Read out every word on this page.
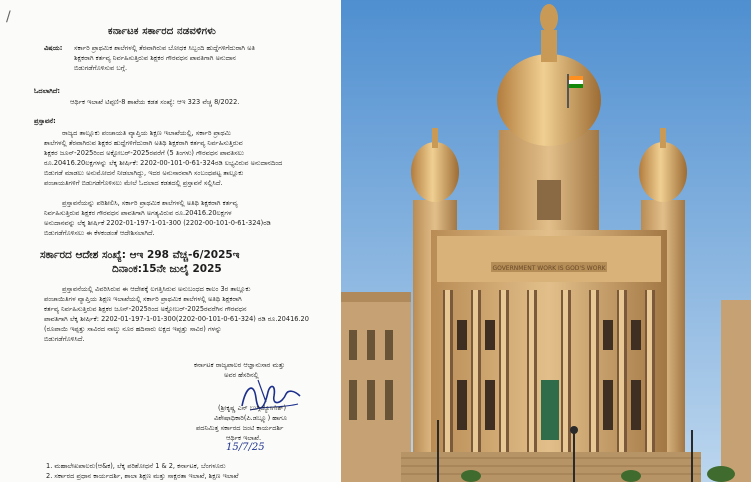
/
ಕರ್ನಾಟಕ ಸರ್ಕಾರದ ನಡವಳಿಗಳು
ವಿಷಯ: ಸರ್ಕಾರಿ ಪ್ರಾಥಮಿಕ ಶಾಲೆಗಳಲ್ಲಿ ತೆರವಾಗಿರುವ ಬೋಧಕ ಸಿಬ್ಬಂದಿ ಹುದ್ದೆಗಳಿಗೆದುರಾಗಿ ಅತಿ
ಶಿಕ್ಷಕರಾಗಿ ಕರ್ತವ್ಯ ನಿರ್ವಹಿಸುತ್ತಿರುವ ಶಿಕ್ಷಕರ ಗೌರವಧನ ಪಾವತಿಗಾಗಿ ಅನುದಾನ
ಬಿಡುಗಡೆಗೊಳಿಸುವ ಬಗ್ಗೆ.
ಓದಲಾಗಿದೆ:
ಆರ್ಥಿಕ ಇಲಾಖೆ ಟಿಪ್ಪಣಿ-8 ಶಾಖೆಯ ಕಡತ ಸಂಖ್ಯೆ: ಆಇ 323 ವೆಚ್ಚ 8/2022.
ಪ್ರಸ್ತಾವನೆ:
ರಾಜ್ಯದ ತಾಲ್ಲೂಕು ಪಂಚಾಯತಿ ವ್ಯಾಪ್ತಿಯ ಶಿಕ್ಷಣ ಇಲಾಖೆಯಲ್ಲಿ, ಸರ್ಕಾರಿ ಪ್ರಾಥಮಿ
ಶಾಲೆಗಳಲ್ಲಿ ತೆರವಾಗಿರುವ ಶಿಕ್ಷಕರ ಹುದ್ದೆಗಳಿಗೆದುರಾಗಿ ಅತಿಥಿ ಶಿಕ್ಷಕರಾಗಿ ಕರ್ತವ್ಯ ನಿರ್ವಹಿಸುತ್ತಿರುವ
ಶಿಕ್ಷಕರ ಜೂನ್-2025ರಿಂದ ಅಕ್ಟೋಬರ್-2025ರವರೆಗೆ (5 ತಿಂಗಳು) ಗೌರವಧನ ಪಾವತಿಸಲು
ರೂ.20416.20ಲಕ್ಷಗಳನ್ನು ಲೆಕ್ಕ ಶೀರ್ಷಿಕೆ: 2202-00-101-0-61-324ರಡಿ ಲಭ್ಯವಿರುವ ಅನುದಾನದಿಂದ
ಬಿಡುಗಡೆ ಮಾಡಲು ಅನುಮೋದನೆ ನೀಡಲಾಗಿದ್ದು, ಇದರ ಅನುಸಾರವಾಗಿ ಸಂಬಂಧಪಟ್ಟ ತಾಲ್ಲೂಕು
ಪಂಚಾಯತಿಗಳಿಗೆ ಬಿಡುಗಡೆಗೊಳಿಸಲು ಮೇಲೆ ಓದಲಾದ ಕಡತದಲ್ಲಿ ಪ್ರಸ್ತಾವನೆ ಸಲ್ಲಿಸಿದೆ.
ಪ್ರಸ್ತಾವನೆಯನ್ನು ಪರಿಶೀಲಿಸಿ, ಸರ್ಕಾರಿ ಪ್ರಾಥಮಿಕ ಶಾಲೆಗಳಲ್ಲಿ ಅತಿಥಿ ಶಿಕ್ಷಕರಾಗಿ ಕರ್ತವ್ಯ
ನಿರ್ವಹಿಸುತ್ತಿರುವ ಶಿಕ್ಷಕರ ಗೌರವಧನ ಪಾವತಿಗಾಗಿ ಅಗತ್ಯವಿರುವ ರೂ.20416.20ಲಕ್ಷಗಳ
ಅನುದಾನವನ್ನು ಲೆಕ್ಕ ಶೀರ್ಷಿಕೆ 2202-01-197-1-01-300 (2202-00-101-0-61-324)ರಡಿ
ಬಿಡುಗಡೆಗೊಳಿಸಲು ಈ ಕೆಳಕಂಡಂತೆ ಆದೇಶಿಸಲಾಗಿದೆ.
ಸರ್ಕಾರದ ಆದೇಶ ಸಂಖ್ಯೆ: ಆಇ 298 ವೆಚ್ಚ-6/2025ಇ
ದಿನಾಂಕ:15ನೇ ಜುಲೈ 2025
ಪ್ರಸ್ತಾವನೆಯಲ್ಲಿ ವಿವರಿಸಿರುವ ಈ ಆದೇಶಕ್ಕೆ ಲಗತ್ತಿಸಿರುವ ಅನುಬಂಧದ ಕಾಲಂ 3ರ ತಾಲ್ಲೂಕು
ಪಂಚಾಯಿತಿಗಳ ವ್ಯಾಪ್ತಿಯ ಶಿಕ್ಷಣ ಇಲಾಖೆಯಲ್ಲಿ ಸರ್ಕಾರಿ ಪ್ರಾಥಮಿಕ ಶಾಲೆಗಳಲ್ಲಿ ಅತಿಥಿ ಶಿಕ್ಷಕರಾಗಿ
ಕರ್ತವ್ಯ ನಿರ್ವಹಿಸುತ್ತಿರುವ ಶಿಕ್ಷಕರ ಜೂನ್-2025ರಿಂದ ಅಕ್ಟೋಬರ್-2025ರವರೆಗಿನ ಗೌರವಧನ
ಪಾವತಿಗಾಗಿ ಲೆಕ್ಕ ಶೀರ್ಷಿಕೆ: 2202-01-197-1-01-300(2202-00-101-0-61-324) ರಡಿ ರೂ.20416.20
(ರೂಪಾಯಿ ಇಪ್ಪತ್ತು ಸಾವಿರದ ನಾಲ್ಕು ನೂರ ಹದಿನಾರು ಲಕ್ಷದ ಇಪ್ಪತ್ತು ಸಾವಿರ) ಗಳನ್ನು
ಬಿಡುಗಡೆಗೊಳಿಸಿದೆ.
ಕರ್ನಾಟಕ ರಾಜ್ಯಪಾಲರ ಆಜ್ಞಾನುಸಾರ ಮತ್ತು
ಅವರ ಹೆಸರಿನಲ್ಲಿ
(ಶ್ರೀಕೃಷ್ಣ ಎನ್ ಬುಗ್ಗಿಜ್ಯೋಗೇಶ್)
ವಿಶೇಷಾಧಿಕಾರಿ(ಪಿ.ಡಬ್ಲ್ಯೂ) ಹಾಗೂ
ಪದನಿಮಿತ್ತ ಸರ್ಕಾರದ ಜಂಟಿ ಕಾರ್ಯದರ್ಶಿ
ಆರ್ಥಿಕ ಇಲಾಖೆ.
15/7/25
1. ಮಹಾಲೇಖಪಾಲರು(ಆ&ಕ), ಲೆಕ್ಕ ಪರಿಶೋಧನೆ 1 & 2, ಕರ್ನಾಟಕ, ಬೆಂಗಳೂರು
2. ಸರ್ಕಾರದ ಪ್ರಧಾನ ಕಾರ್ಯದರ್ಶಿ, ಶಾಲಾ ಶಿಕ್ಷಣ ಮತ್ತು ಸಾಕ್ಷರತಾ ಇಲಾಖೆ, ಶಿಕ್ಷಣ ಇಲಾಖೆ
GOVERNMENT WORK IS GOD'S WORK
